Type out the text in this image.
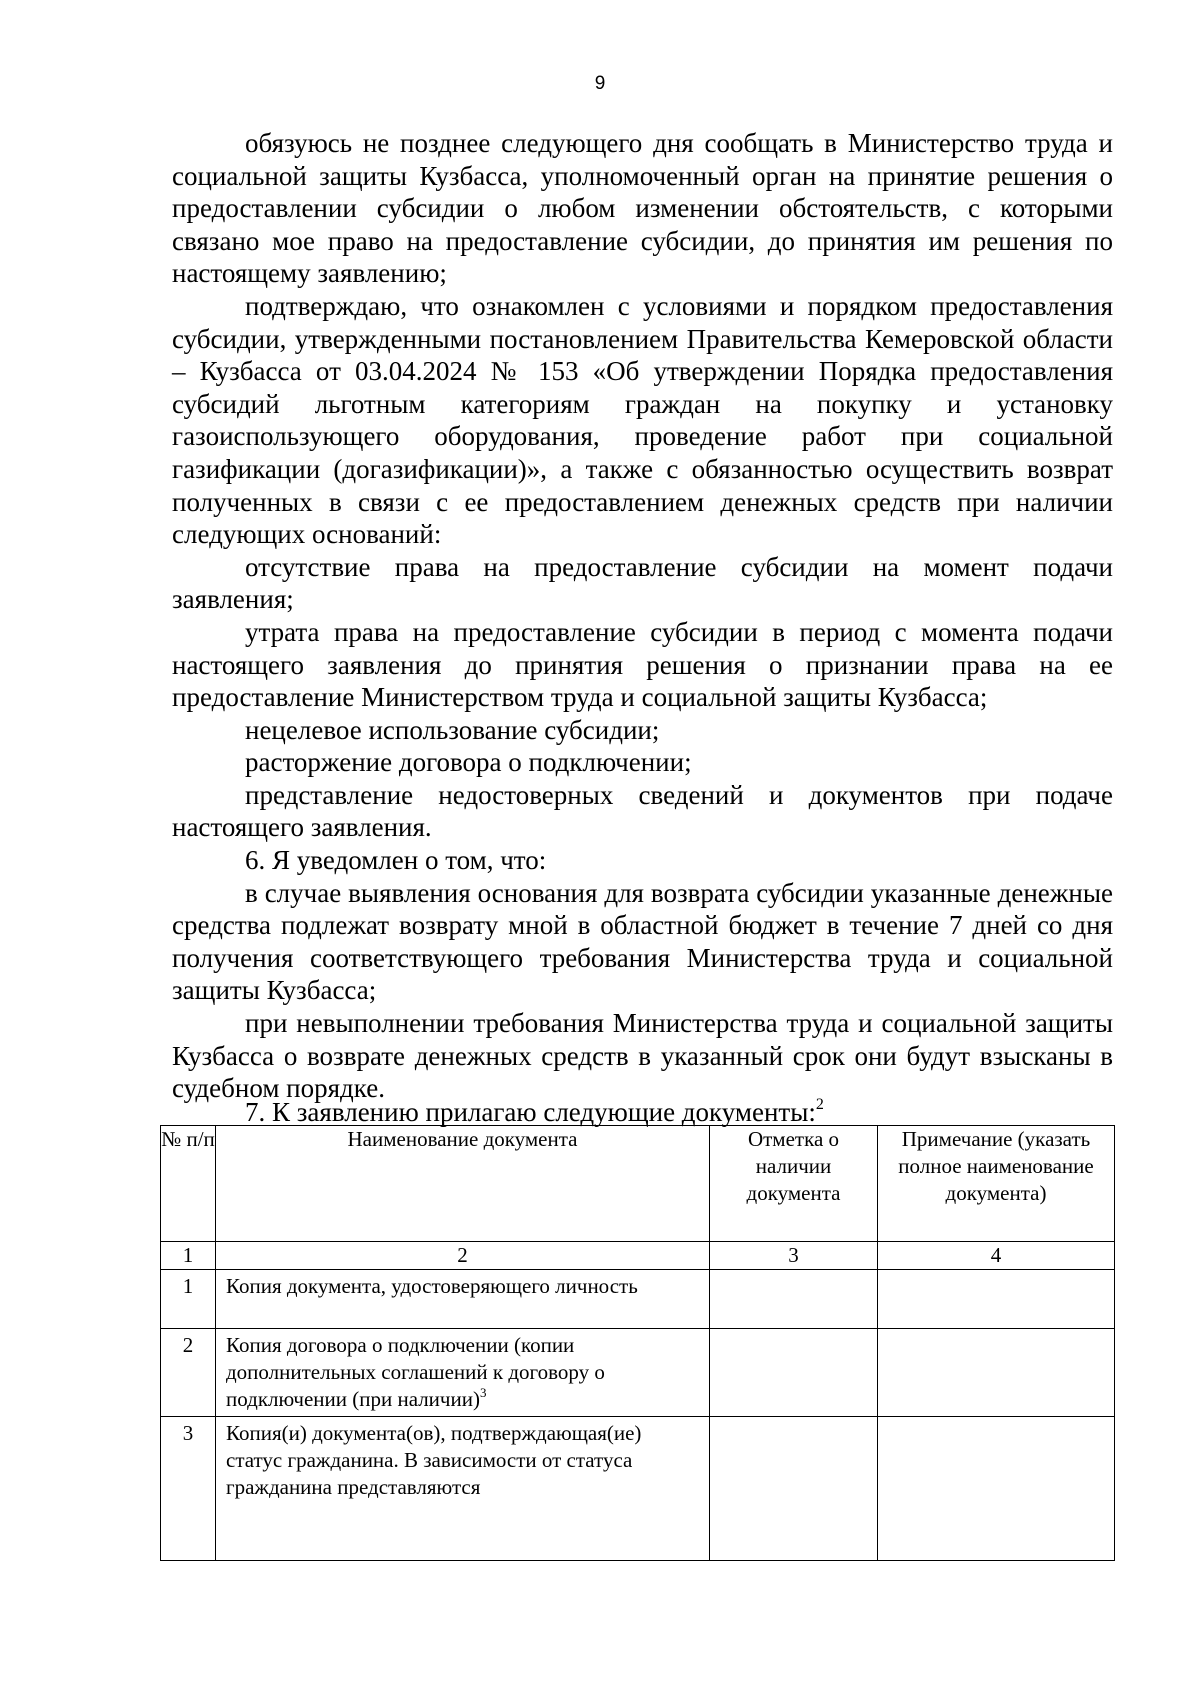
9

обязуюсь не позднее следующего дня сообщать в Министерство труда и социальной защиты Кузбасса, уполномоченный орган на принятие решения о предоставлении субсидии о любом изменении обстоятельств, с которыми связано мое право на предоставление субсидии, до принятия им решения по настоящему заявлению;

подтверждаю, что ознакомлен с условиями и порядком предоставления субсидии, утвержденными постановлением Правительства Кемеровской области – Кузбасса от 03.04.2024 № 153 «Об утверждении Порядка предоставления субсидий льготным категориям граждан на покупку и установку газоиспользующего оборудования, проведение работ при социальной газификации (догазификации)», а также с обязанностью осуществить возврат полученных в связи с ее предоставлением денежных средств при наличии следующих оснований:

отсутствие права на предоставление субсидии на момент подачи заявления;

утрата права на предоставление субсидии в период с момента подачи настоящего заявления до принятия решения о признании права на ее предоставление Министерством труда и социальной защиты Кузбасса;

нецелевое использование субсидии;

расторжение договора о подключении;

представление недостоверных сведений и документов при подаче настоящего заявления.

6. Я уведомлен о том, что:

в случае выявления основания для возврата субсидии указанные денежные средства подлежат возврату мной в областной бюджет в течение 7 дней со дня получения соответствующего требования Министерства труда и социальной защиты Кузбасса;

при невыполнении требования Министерства труда и социальной защиты Кузбасса о возврате денежных средств в указанный срок они будут взысканы в судебном порядке.

7. К заявлению прилагаю следующие документы:$^2$
№ п/п	Наименование документа	Отметка о наличии документа	Примечание (указать полное наименование документа)
1	2	3	4
1	Копия документа, удостоверяющего личность		
2	Копия договора о подключении (копии дополнительных соглашений к договору о подключении (при наличии)$^3$		
3	Копия(и) документа(ов), подтверждающая(ие) статус гражданина. В зависимости от статуса гражданина представляются		
